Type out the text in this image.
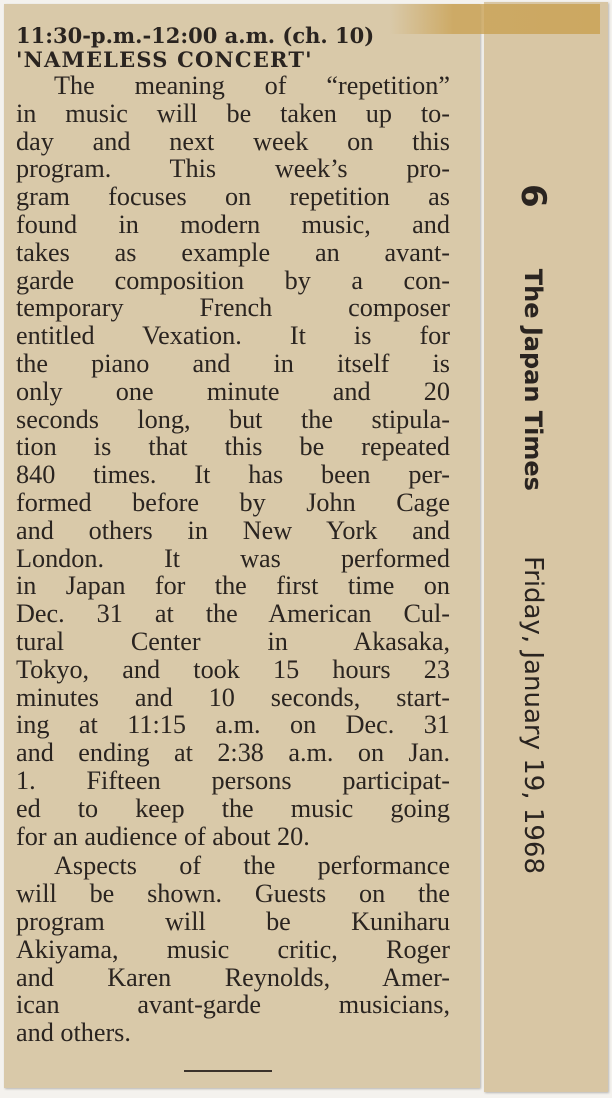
11:30-p.m.-12:00 a.m. (ch. 10)

'NAMELESS CONCERT'

The meaning of “repetition”
in music will be taken up to-
day and next week on this
program. This week’s pro-
gram focuses on repetition as
found in modern music, and
takes as example an avant-
garde composition by a con-
temporary French composer
entitled Vexation. It is for
the piano and in itself is
only one minute and 20
seconds long, but the stipula-
tion is that this be repeated
840 times. It has been per-
formed before by John Cage
and others in New York and
London. It was performed
in Japan for the first time on
Dec. 31 at the American Cul-
tural Center in Akasaka,
Tokyo, and took 15 hours 23
minutes and 10 seconds, start-
ing at 11:15 a.m. on Dec. 31
and ending at 2:38 a.m. on Jan.
1. Fifteen persons participat-
ed to keep the music going
for an audience of about 20.
Aspects of the performance
will be shown. Guests on the
program will be Kuniharu
Akiyama, music critic, Roger
and Karen Reynolds, Amer-
ican avant-garde musicians,
and others.
6 The Japan Times Friday, January 19, 1968
